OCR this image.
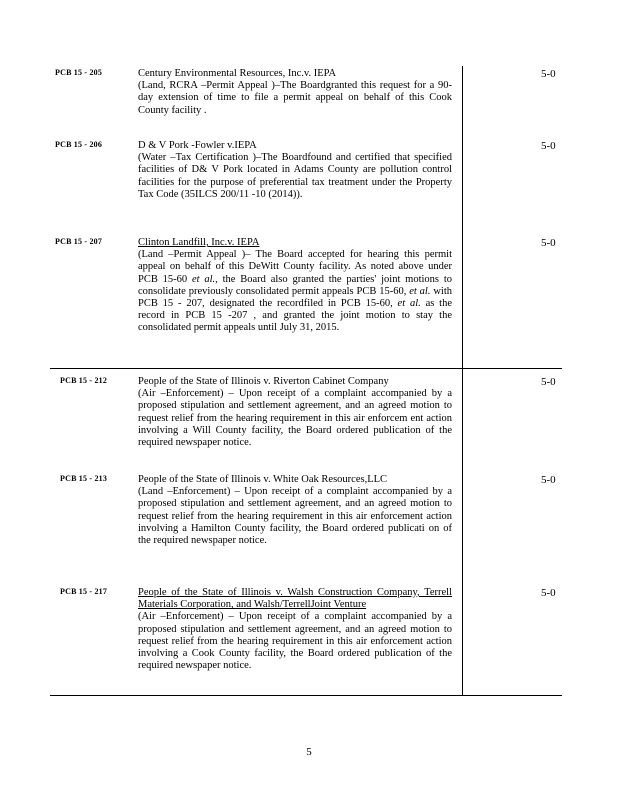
PCB 15 - 205	Century Environmental Resources, Inc.v. IEPA
(Land, RCRA –Permit Appeal )–The Boardgranted this request for a 90-day extension of time to file a permit appeal on behalf of this Cook County facility .
5-0
PCB 15 - 206	D & V Pork -Fowler v.IEPA
(Water –Tax Certification )–The Boardfound and certified that specified facilities of D& V Pork located in Adams County are pollution control facilities for the purpose of preferential tax treatment under the Property Tax Code (35ILCS 200/11 -10 (2014)).
5-0
PCB 15 - 207	Clinton Landfill, Inc.v. IEPA
(Land –Permit Appeal )– The Board accepted for hearing this permit appeal on behalf of this DeWitt County facility. As noted above under PCB 15-60 et al., the Board also granted the parties' joint motions to consolidate previously consolidated permit appeals PCB 15-60, et al. with PCB 15 - 207, designated the recordfiled in PCB 15-60, et al. as the record in PCB 15 -207 , and granted the joint motion to stay the consolidated permit appeals until July 31, 2015.
5-0
PCB 15 - 212	People of the State of Illinois v. Riverton Cabinet Company
(Air –Enforcement) – Upon receipt of a complaint accompanied by a proposed stipulation and settlement agreement, and an agreed motion to request relief from the hearing requirement in this air enforcem ent action involving a Will County facility, the Board ordered publication of the required newspaper notice.
5-0
PCB 15 - 213	People of the State of Illinois v. White Oak Resources,LLC
(Land –Enforcement) – Upon receipt of a complaint accompanied by a proposed stipulation and settlement agreement, and an agreed motion to request relief from the hearing requirement in this air enforcement action involving a Hamilton County facility, the Board ordered publicati on of the required newspaper notice.
5-0
PCB 15 - 217	People of the State of Illinois v. Walsh Construction Company, Terrell Materials Corporation, and Walsh/TerrellJoint Venture
(Air –Enforcement) – Upon receipt of a complaint accompanied by a proposed stipulation and settlement agreement, and an agreed motion to request relief from the hearing requirement in this air enforcement action involving a Cook County facility, the Board ordered publication of the required newspaper notice.
5-0
5
